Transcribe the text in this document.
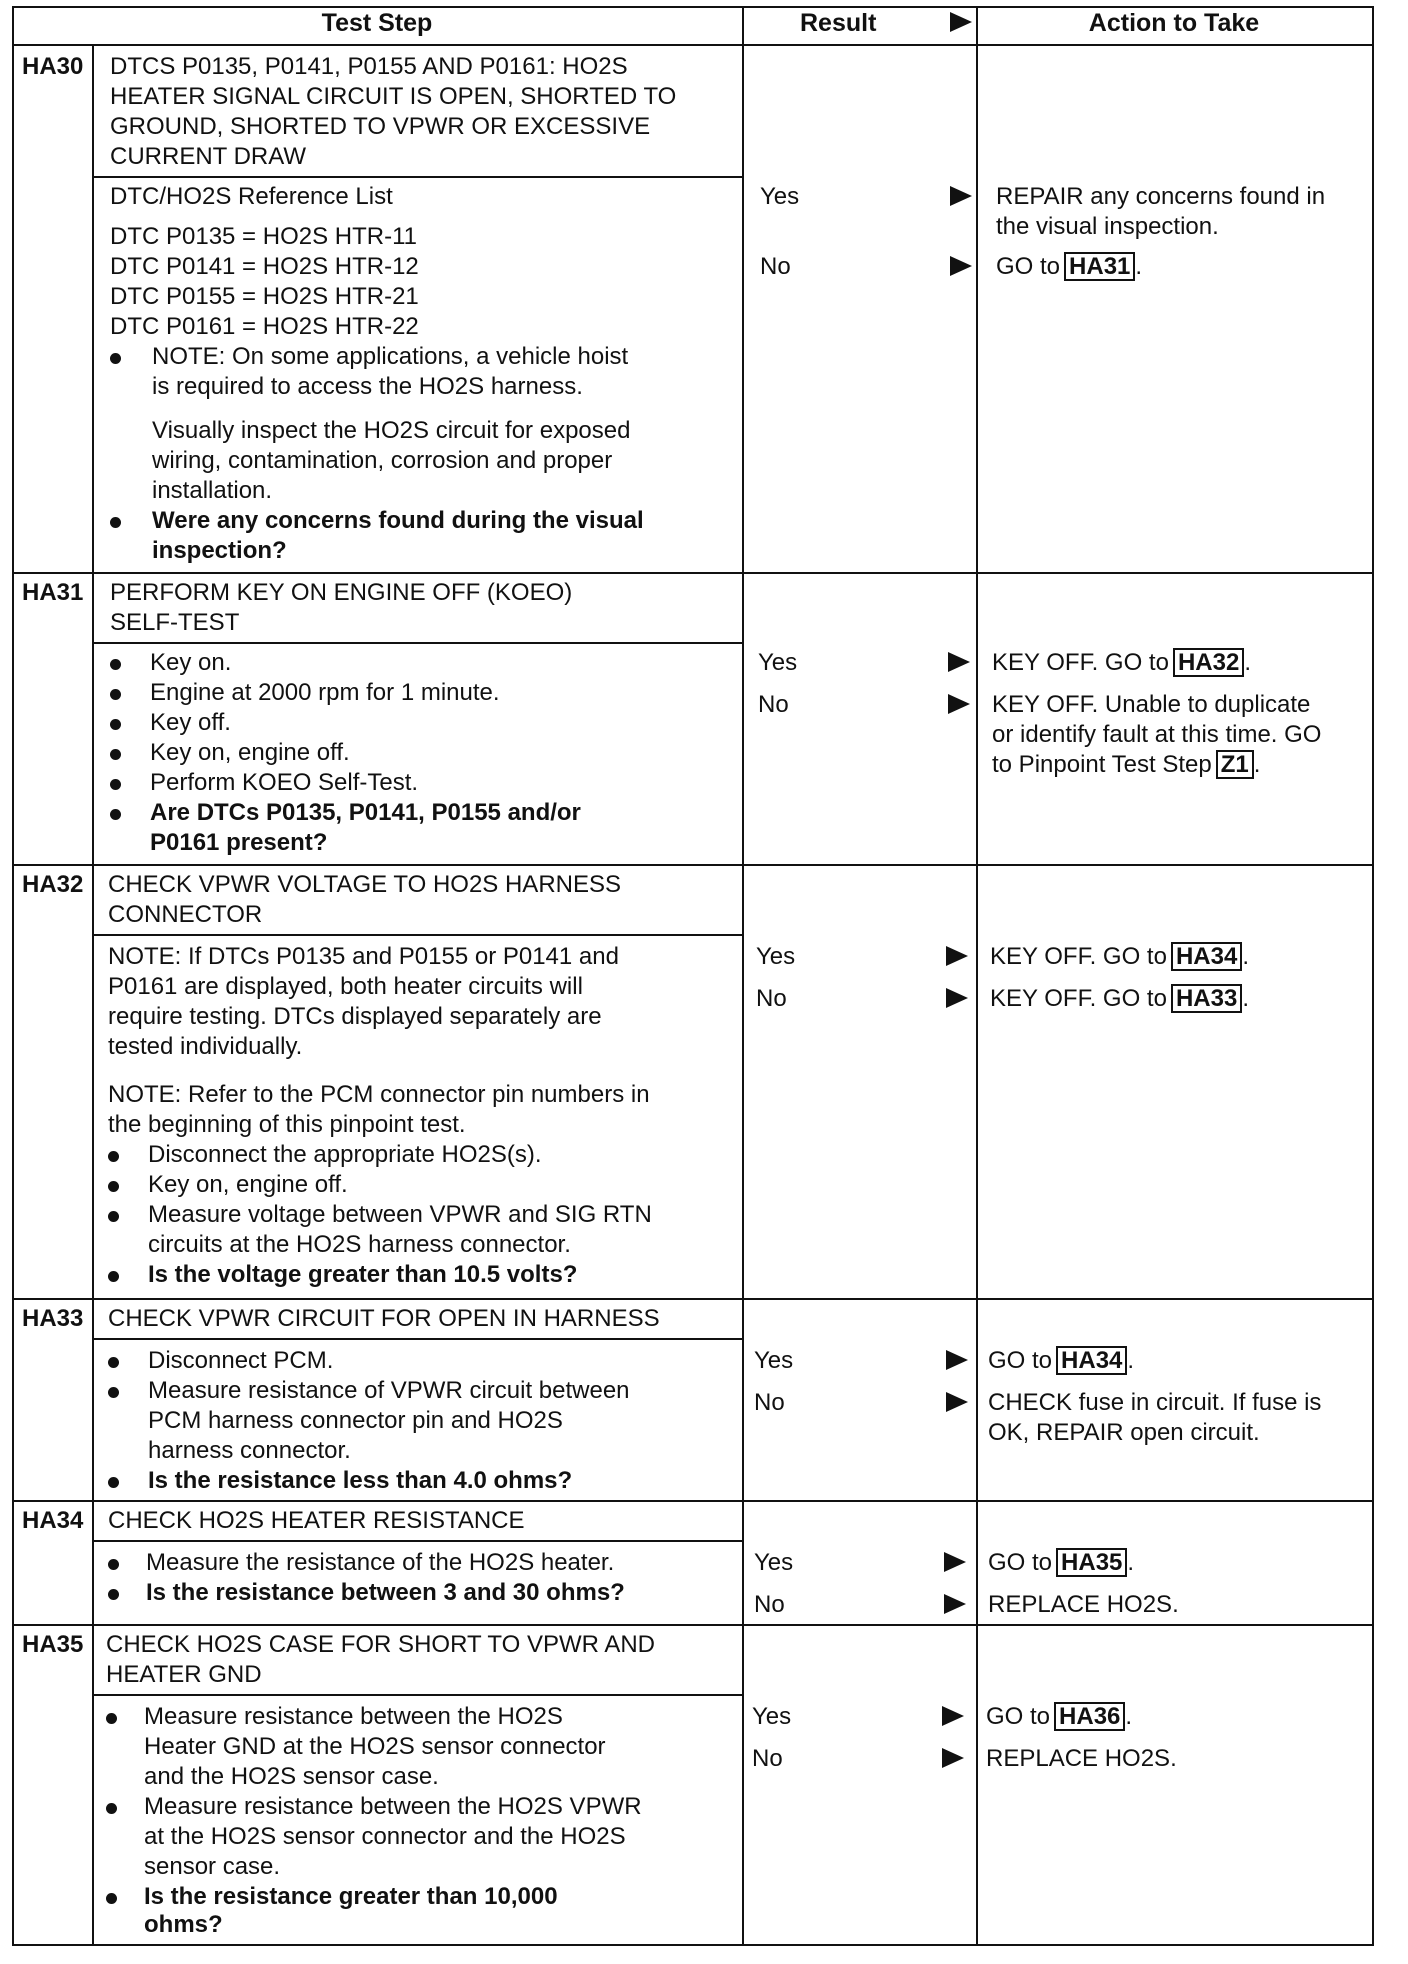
Test Step	Result	Action to Take
HA30 DTCS P0135, P0141, P0155 AND P0161: HO2S
HEATER SIGNAL CIRCUIT IS OPEN, SHORTED TO
GROUND, SHORTED TO VPWR OR EXCESSIVE
CURRENT DRAW
DTC/HO2S Reference List
DTC P0135 = HO2S HTR-11
DTC P0141 = HO2S HTR-12
DTC P0155 = HO2S HTR-21
DTC P0161 = HO2S HTR-22
NOTE: On some applications, a vehicle hoist
is required to access the HO2S harness.
Visually inspect the HO2S circuit for exposed
wiring, contamination, corrosion and proper
installation.
Were any concerns found during the visual
inspection?
Yes
No
REPAIR any concerns found in
the visual inspection.
GO to HA31 .
HA31 PERFORM KEY ON ENGINE OFF (KOEO)
SELF-TEST
Key on.
Engine at 2000 rpm for 1 minute.
Key off.
Key on, engine off.
Perform KOEO Self-Test.
Are DTCs P0135, P0141, P0155 and/or
P0161 present?
Yes
No
KEY OFF. GO to HA32 .
KEY OFF. Unable to duplicate
or identify fault at this time. GO
to Pinpoint Test Step Z1 .
HA32 CHECK VPWR VOLTAGE TO HO2S HARNESS
CONNECTOR
NOTE: If DTCs P0135 and P0155 or P0141 and
P0161 are displayed, both heater circuits will
require testing. DTCs displayed separately are
tested individually.
NOTE: Refer to the PCM connector pin numbers in
the beginning of this pinpoint test.
Disconnect the appropriate HO2S(s).
Key on, engine off.
Measure voltage between VPWR and SIG RTN
circuits at the HO2S harness connector.
Is the voltage greater than 10.5 volts?
Yes
No
KEY OFF. GO to HA34 .
KEY OFF. GO to HA33 .
HA33 CHECK VPWR CIRCUIT FOR OPEN IN HARNESS
Disconnect PCM.
Measure resistance of VPWR circuit between
PCM harness connector pin and HO2S
harness connector.
Is the resistance less than 4.0 ohms?
Yes
No
GO to HA34 .
CHECK fuse in circuit. If fuse is
OK, REPAIR open circuit.
HA34 CHECK HO2S HEATER RESISTANCE
Measure the resistance of the HO2S heater.
Is the resistance between 3 and 30 ohms?
Yes
No
GO to HA35 .
REPLACE HO2S.
HA35 CHECK HO2S CASE FOR SHORT TO VPWR AND
HEATER GND
Measure resistance between the HO2S
Heater GND at the HO2S sensor connector
and the HO2S sensor case.
Measure resistance between the HO2S VPWR
at the HO2S sensor connector and the HO2S
sensor case.
Is the resistance greater than 10,000
ohms?
Yes
No
GO to HA36 .
REPLACE HO2S.
